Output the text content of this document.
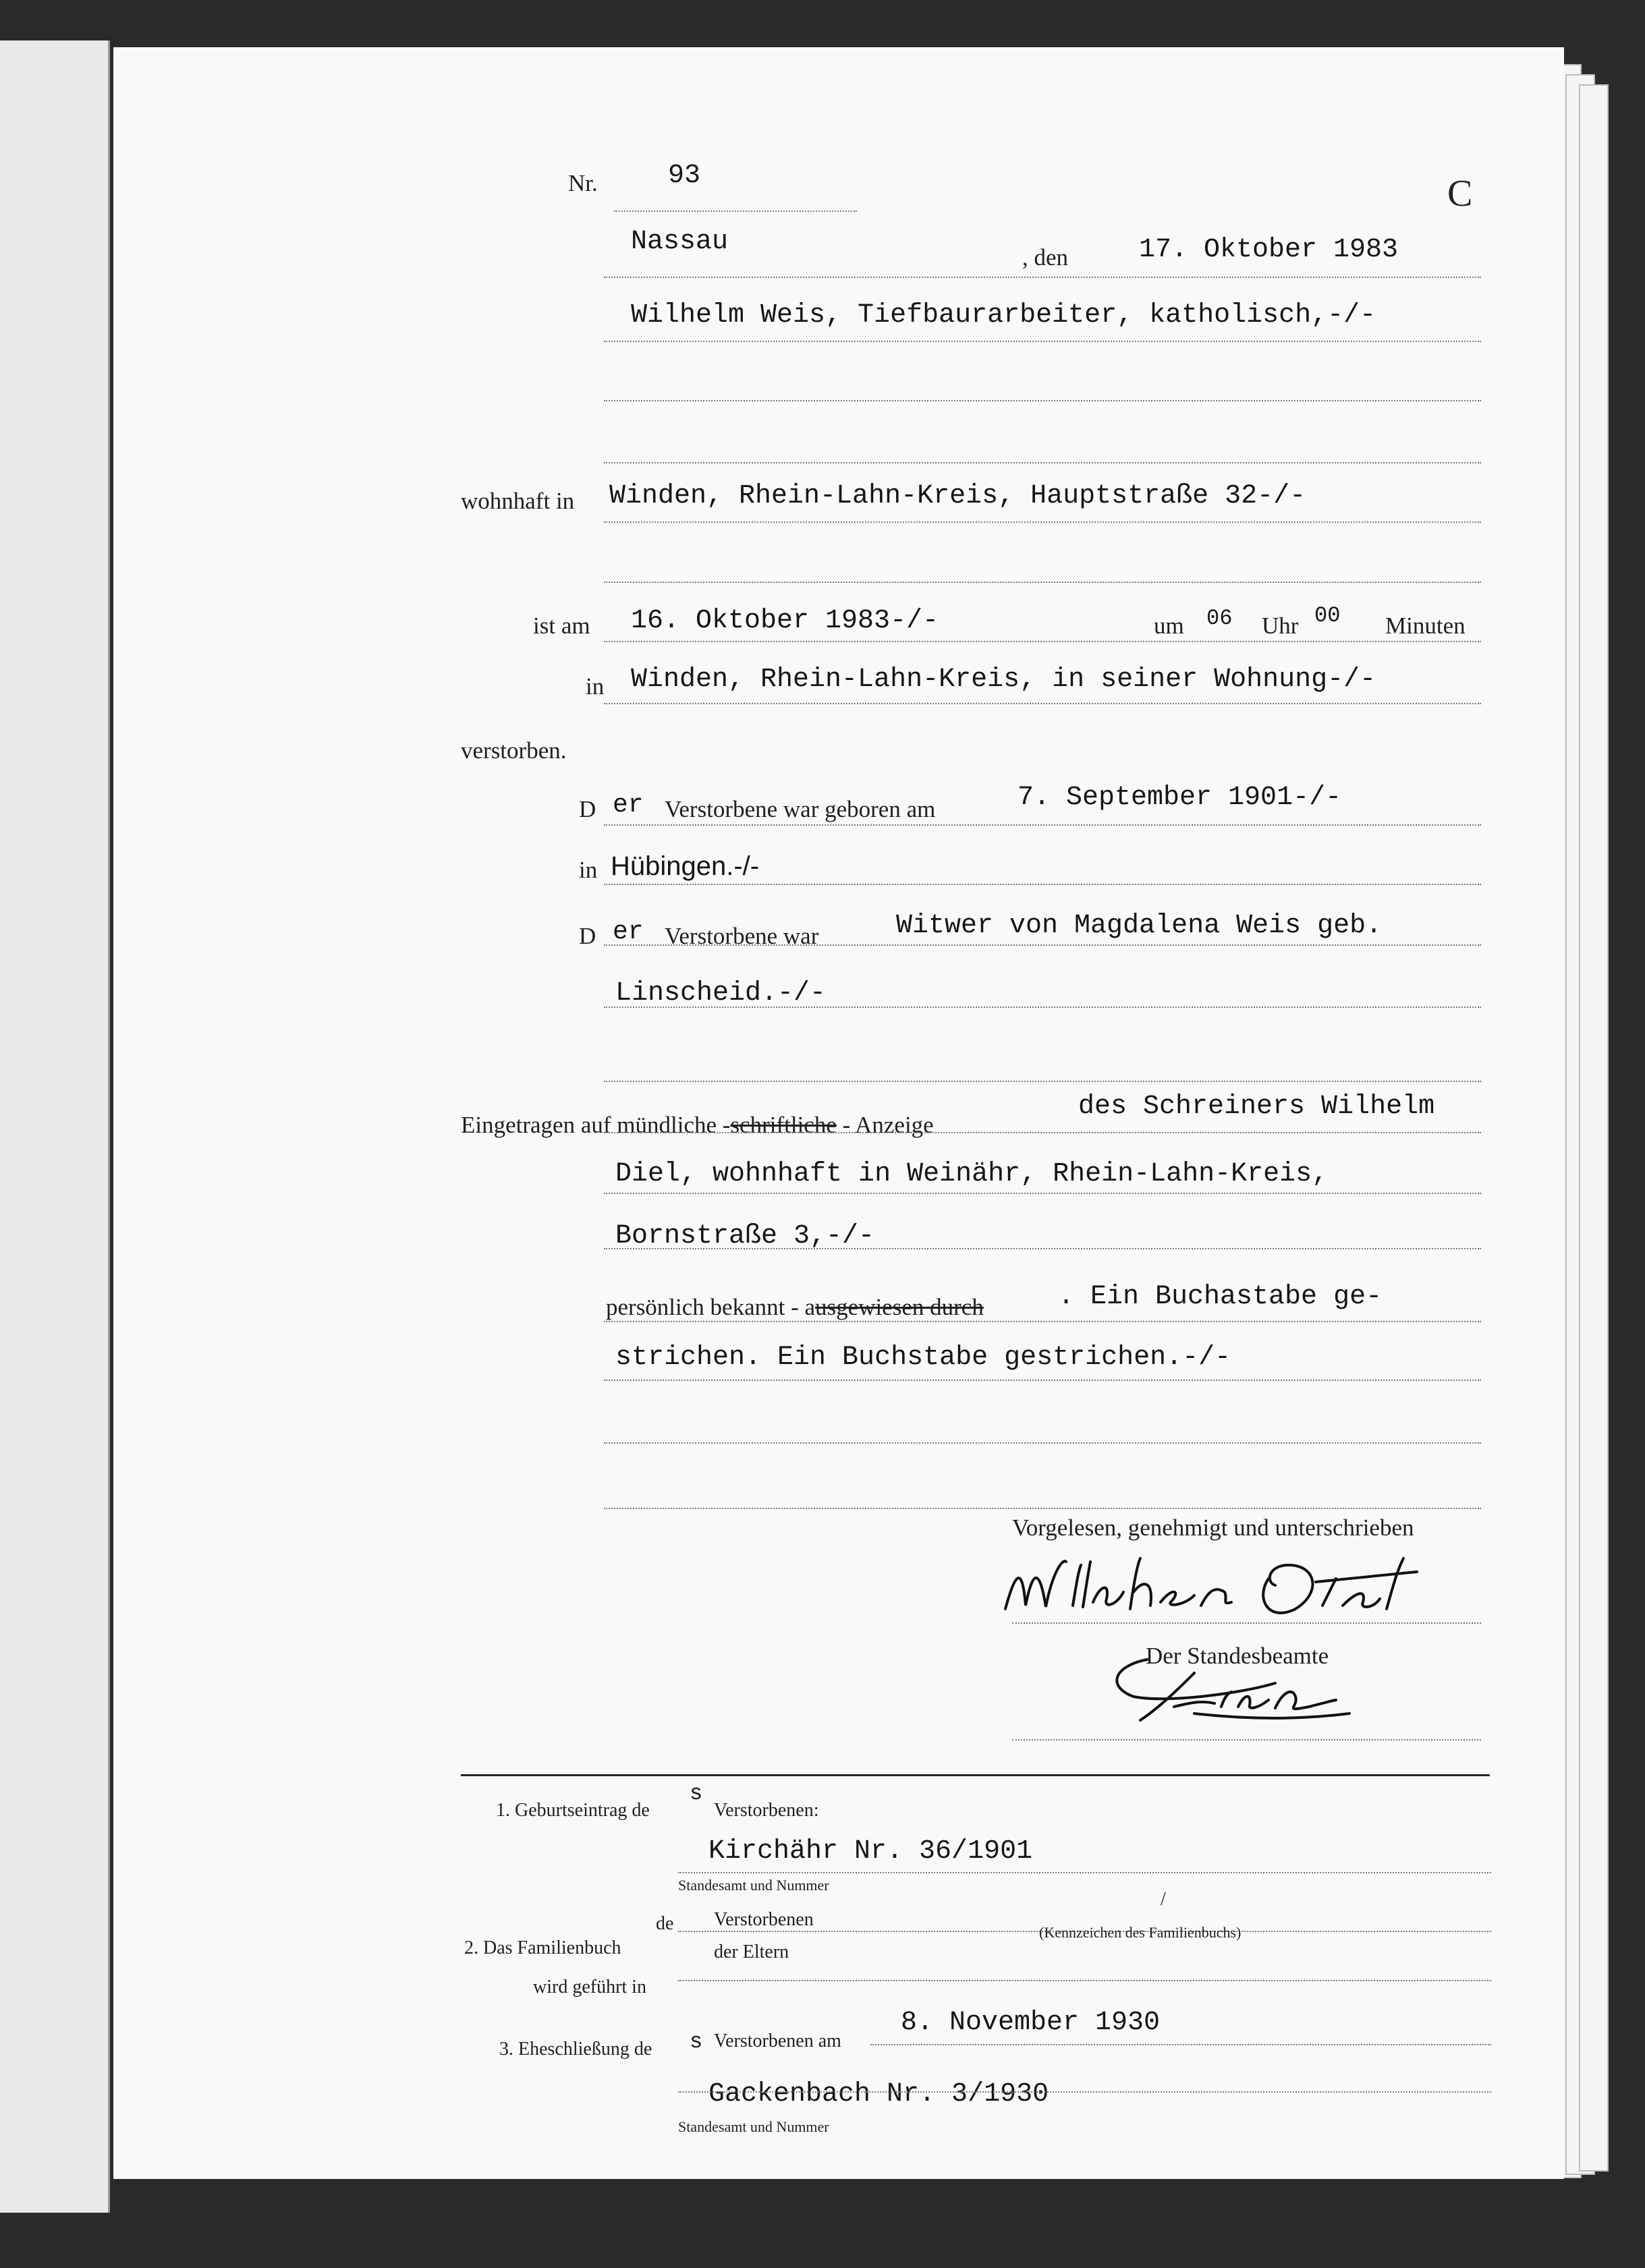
Nr.	93	C
Nassau
, den	17. Oktober 1983
Wilhelm Weis, Tiefbaurarbeiter, katholisch,-/-
wohnhaft in Winden, Rhein-Lahn-Kreis, Hauptstraße 32-/-
ist am 16. Oktober 1983-/-	um 06 Uhr 00 Minuten
in Winden, Rhein-Lahn-Kreis, in seiner Wohnung-/-
verstorben.
D er Verstorbene war geboren am	7. September 1901-/-
in Hübingen.-/-
D er Verstorbene war	Witwer von Magdalena Weis geb.
Linscheid.-/-
Eingetragen auf mündliche -schriftliche - Anzeige
des Schreiners Wilhelm
Diel, wohnhaft in Weinähr, Rhein-Lahn-Kreis,
Bornstraße 3,-/-
persönlich bekannt - ausgewiesen durch	. Ein Buchastabe ge-
strichen. Ein Buchstabe gestrichen.-/-
Vorgelesen, genehmigt und unterschrieben
Der Standesbeamte
1. Geburtseintrag de
s
Verstorbenen:
Kirchähr Nr. 36/1901
Standesamt und Nummer
2. Das Familienbuch
de Verstorbenen
der Eltern
/
(Kennzeichen des Familienbuchs)
wird geführt in
3. Eheschließung de s Verstorbenen am
8. November 1930
Gackenbach Nr. 3/1930
Standesamt und Nummer
